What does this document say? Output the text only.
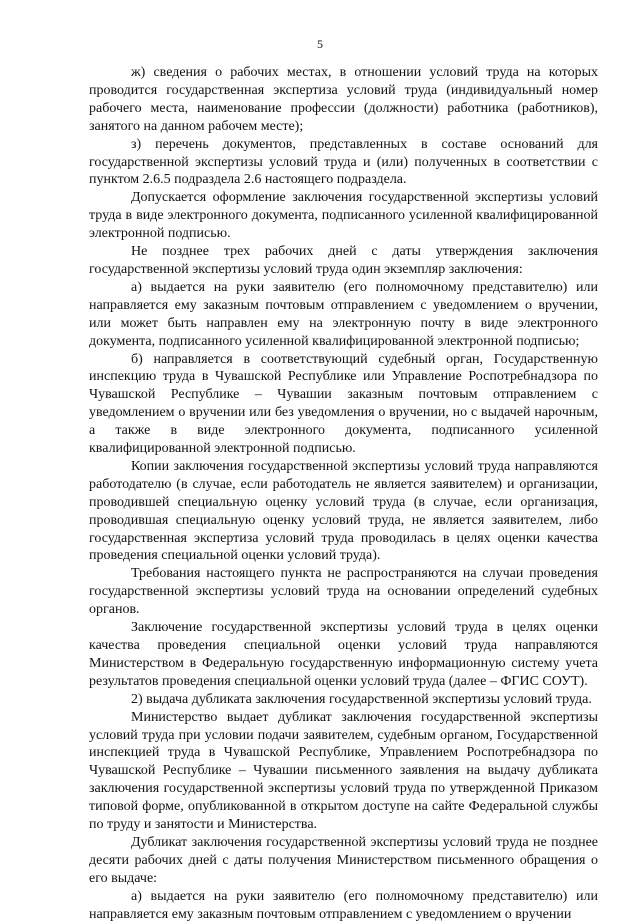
5

ж) сведения о рабочих местах, в отношении условий труда на которых проводится государственная экспертиза условий труда (индивидуальный номер рабочего места, наименование профессии (должности) работника (работников), занятого на данном рабочем месте);

з) перечень документов, представленных в составе оснований для государственной экспертизы условий труда и (или) полученных в соответствии с пунктом 2.6.5 подраздела 2.6 настоящего подраздела.

Допускается оформление заключения государственной экспертизы условий труда в виде электронного документа, подписанного усиленной квалифицированной электронной подписью.

Не позднее трех рабочих дней с даты утверждения заключения государственной экспертизы условий труда один экземпляр заключения:

а) выдается на руки заявителю (его полномочному представителю) или направляется ему заказным почтовым отправлением с уведомлением о вручении, или может быть направлен ему на электронную почту в виде электронного документа, подписанного усиленной квалифицированной электронной подписью;

б) направляется в соответствующий судебный орган, Государственную инспекцию труда в Чувашской Республике или Управление Роспотребнадзора по Чувашской Республике – Чувашии заказным почтовым отправлением с уведомлением о вручении или без уведомления о вручении, но с выдачей нарочным, а также в виде электронного документа, подписанного усиленной квалифицированной электронной подписью.

Копии заключения государственной экспертизы условий труда направляются работодателю (в случае, если работодатель не является заявителем) и организации, проводившей специальную оценку условий труда (в случае, если организация, проводившая специальную оценку условий труда, не является заявителем, либо государственная экспертиза условий труда проводилась в целях оценки качества проведения специальной оценки условий труда).

Требования настоящего пункта не распространяются на случаи проведения государственной экспертизы условий труда на основании определений судебных органов.

Заключение государственной экспертизы условий труда в целях оценки качества проведения специальной оценки условий труда направляются Министерством в Федеральную государственную информационную систему учета результатов проведения специальной оценки условий труда (далее – ФГИС СОУТ).

2) выдача дубликата заключения государственной экспертизы условий труда.

Министерство выдает дубликат заключения государственной экспертизы условий труда при условии подачи заявителем, судебным органом, Государственной инспекцией труда в Чувашской Республике, Управлением Роспотребнадзора по Чувашской Республике – Чувашии письменного заявления на выдачу дубликата заключения государственной экспертизы условий труда по утвержденной Приказом типовой форме, опубликованной в открытом доступе на сайте Федеральной службы по труду и занятости и Министерства.

Дубликат заключения государственной экспертизы условий труда не позднее десяти рабочих дней с даты получения Министерством письменного обращения о его выдаче:

а) выдается на руки заявителю (его полномочному представителю) или направляется ему заказным почтовым отправлением с уведомлением о вручении
